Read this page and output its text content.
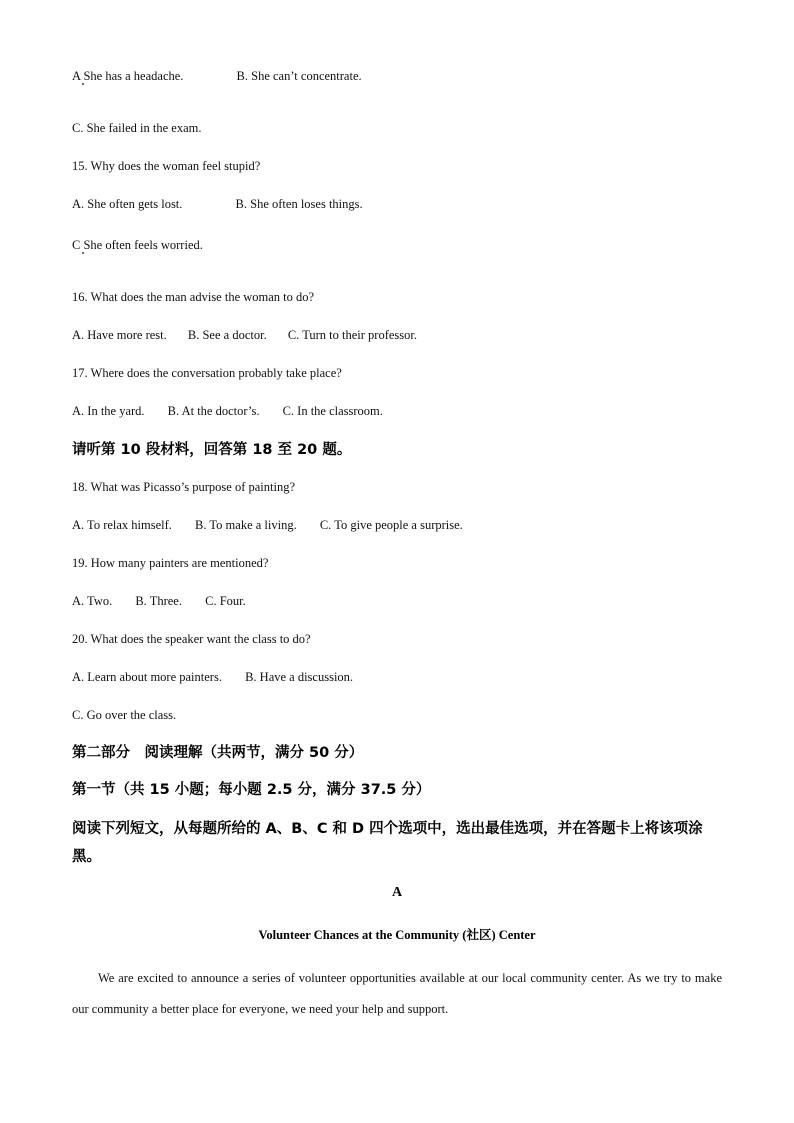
A She has a headache.	B. She can’t concentrate.
C. She failed in the exam.
15. Why does the woman feel stupid?
A. She often gets lost.	B. She often loses things.
C She often feels worried.
16. What does the man advise the woman to do?
A. Have more rest. B. See a doctor. C. Turn to their professor.
17. Where does the conversation probably take place?
A. In the yard. B. At the doctor’s. C. In the classroom.
请听第 10 段材料，回答第 18 至 20 题。
18. What was Picasso’s purpose of painting?
A. To relax himself. B. To make a living. C. To give people a surprise.
19. How many painters are mentioned?
A. Two. B. Three. C. Four.
20. What does the speaker want the class to do?
A. Learn about more painters. B. Have a discussion.
C. Go over the class.
第二部分　阅读理解（共两节，满分 50 分）
第一节（共 15 小题；每小题 2.5 分，满分 37.5 分）
阅读下列短文，从每题所给的 A、B、C 和 D 四个选项中，选出最佳选项，并在答题卡上将该项涂黑。
A
Volunteer Chances at the Community (社区) Center
We are excited to announce a series of volunteer opportunities available at our local community center. As we try to make our community a better place for everyone, we need your help and support.
